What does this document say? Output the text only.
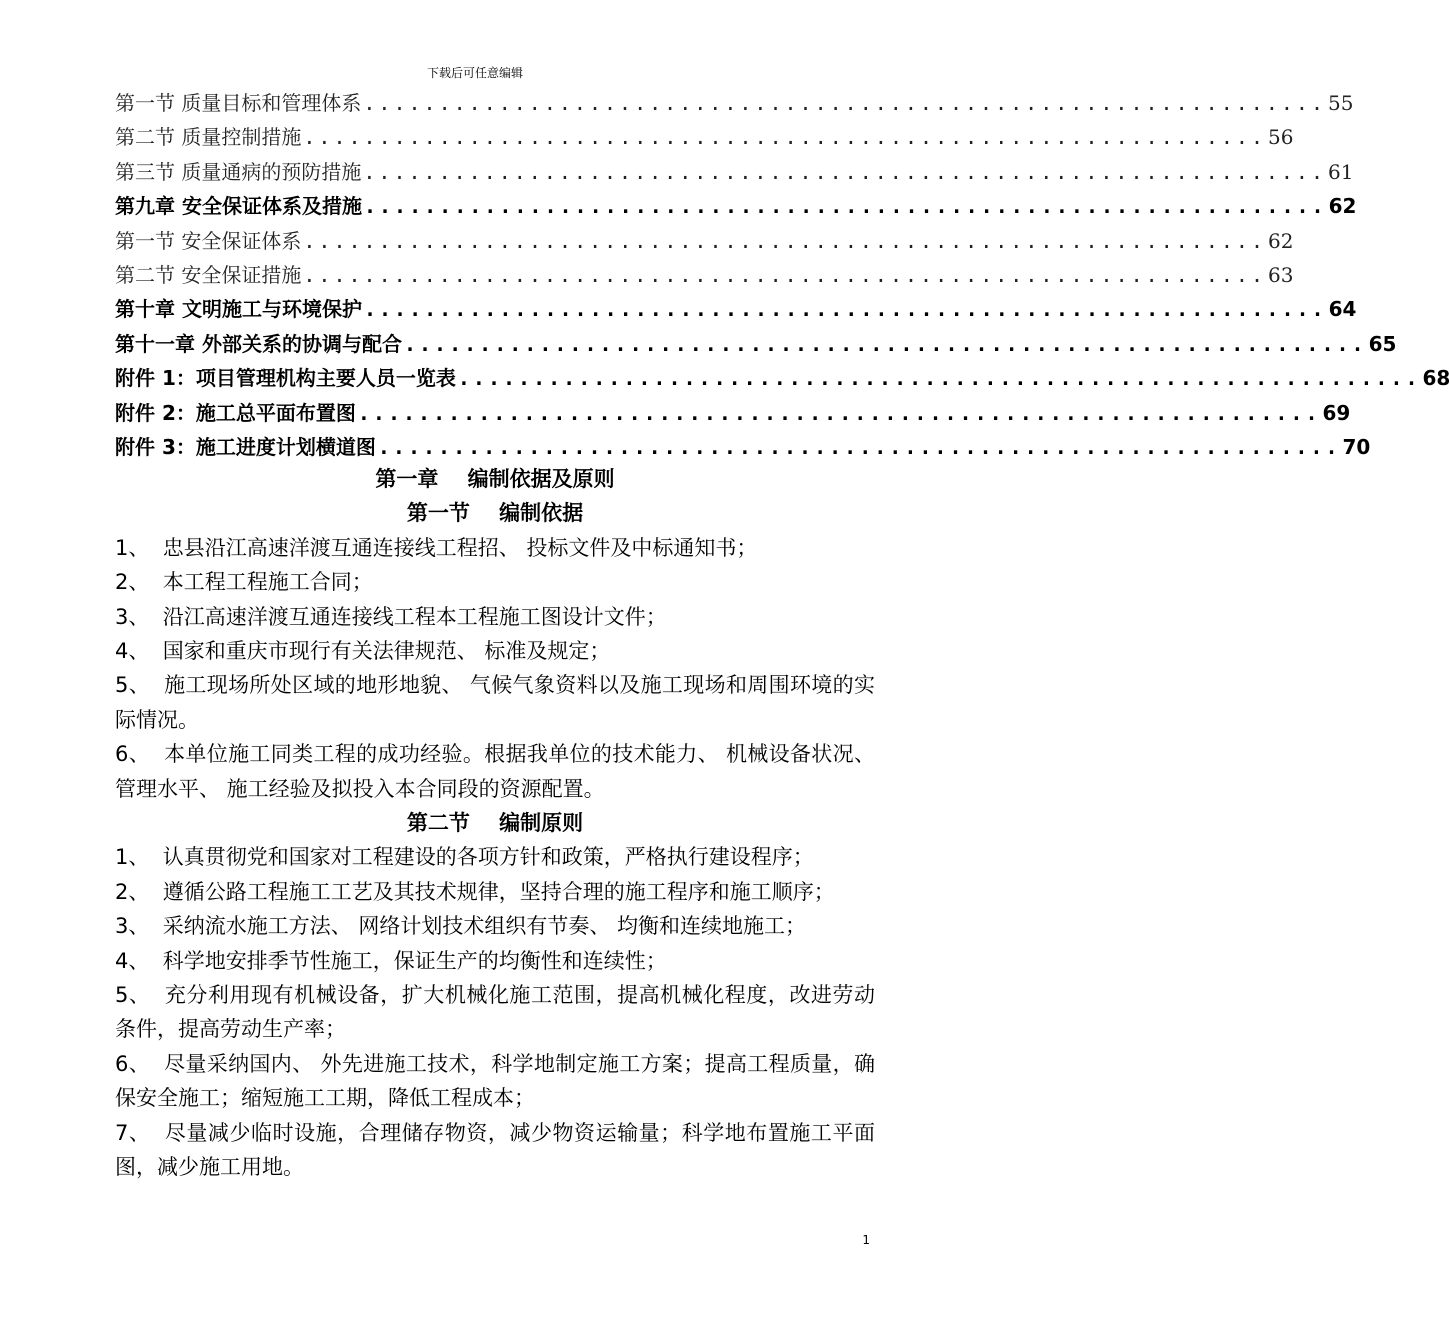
下载后可任意编辑
第一节 质量目标和管理体系 ................................................................ 55
第二节 质量控制措施 ................................................................ 56
第三节 质量通病的预防措施 ................................................................ 61
第九章 安全保证体系及措施 ................................................................ 62
第一节 安全保证体系 ................................................................ 62
第二节 安全保证措施 ................................................................ 63
第十章 文明施工与环境保护 ................................................................ 64
第十一章 外部关系的协调与配合 ................................................................ 65
附件 1：项目管理机构主要人员一览表 ................................................................ 68
附件 2：施工总平面布置图 ................................................................ 69
附件 3：施工进度计划横道图 ................................................................ 70
第一章    编制依据及原则
第一节    编制依据

1、  忠县沿江高速洋渡互通连接线工程招、 投标文件及中标通知书；

2、  本工程工程施工合同；

3、  沿江高速洋渡互通连接线工程本工程施工图设计文件；

4、  国家和重庆市现行有关法律规范、 标准及规定；

5、  施工现场所处区域的地形地貌、 气候气象资料以及施工现场和周围环境的实际情况。

6、  本单位施工同类工程的成功经验。根据我单位的技术能力、 机械设备状况、 管理水平、 施工经验及拟投入本合同段的资源配置。

第二节    编制原则

1、  认真贯彻党和国家对工程建设的各项方针和政策，严格执行建设程序；

2、  遵循公路工程施工工艺及其技术规律，坚持合理的施工程序和施工顺序；

3、  采纳流水施工方法、 网络计划技术组织有节奏、 均衡和连续地施工；

4、  科学地安排季节性施工，保证生产的均衡性和连续性；

5、  充分利用现有机械设备，扩大机械化施工范围，提高机械化程度，改进劳动条件，提高劳动生产率；

6、  尽量采纳国内、 外先进施工技术，科学地制定施工方案；提高工程质量，确保安全施工；缩短施工工期，降低工程成本；

7、  尽量减少临时设施，合理储存物资，减少物资运输量；科学地布置施工平面图，减少施工用地。

1
